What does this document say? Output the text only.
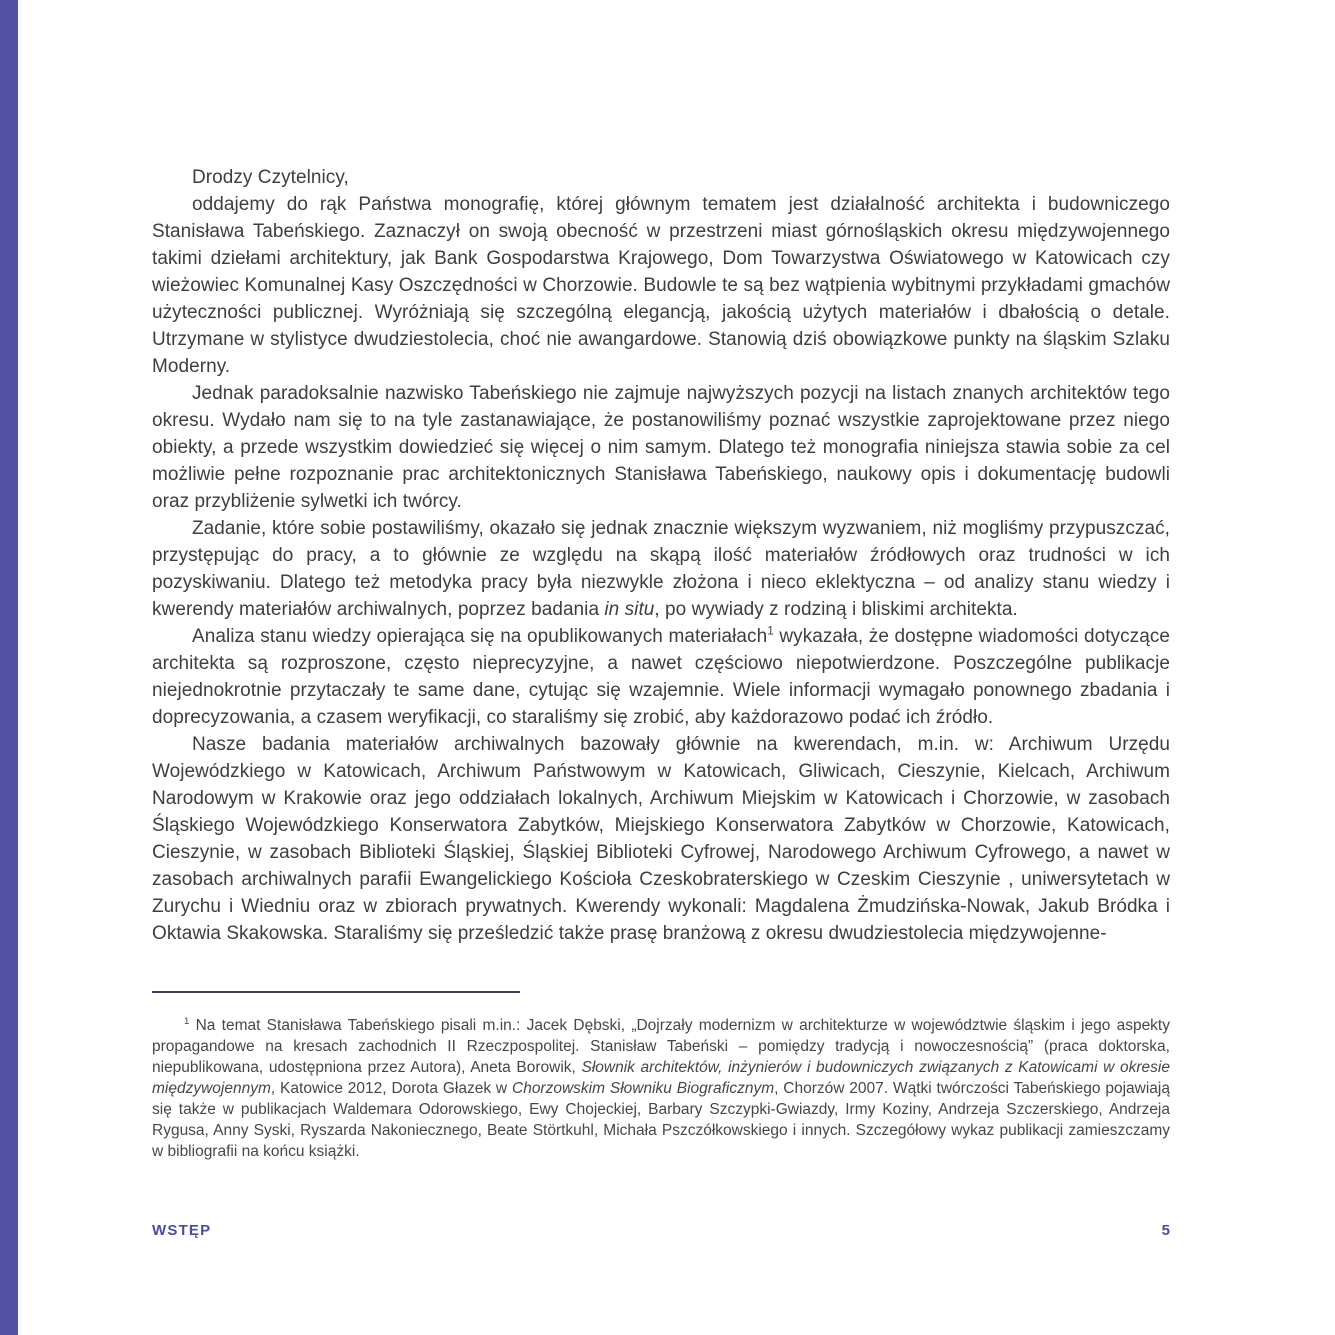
Drodzy Czytelnicy,

oddajemy do rąk Państwa monografię, której głównym tematem jest działalność architekta i budowniczego Stanisława Tabeńskiego. Zaznaczył on swoją obecność w przestrzeni miast górnośląskich okresu międzywojennego takimi dziełami architektury, jak Bank Gospodarstwa Krajowego, Dom Towarzystwa Oświatowego w Katowicach czy wieżowiec Komunalnej Kasy Oszczędności w Chorzowie. Budowle te są bez wątpienia wybitnymi przykładami gmachów użyteczności publicznej. Wyróżniają się szczególną elegancją, jakością użytych materiałów i dbałością o detale. Utrzymane w stylistyce dwudziestolecia, choć nie awangardowe. Stanowią dziś obowiązkowe punkty na śląskim Szlaku Moderny.

Jednak paradoksalnie nazwisko Tabeńskiego nie zajmuje najwyższych pozycji na listach znanych architektów tego okresu. Wydało nam się to na tyle zastanawiające, że postanowiliśmy poznać wszystkie zaprojektowane przez niego obiekty, a przede wszystkim dowiedzieć się więcej o nim samym. Dlatego też monografia niniejsza stawia sobie za cel możliwie pełne rozpoznanie prac architektonicznych Stanisława Tabeńskiego, naukowy opis i dokumentację budowli oraz przybliżenie sylwetki ich twórcy.

Zadanie, które sobie postawiliśmy, okazało się jednak znacznie większym wyzwaniem, niż mogliśmy przypuszczać, przystępując do pracy, a to głównie ze względu na skąpą ilość materiałów źródłowych oraz trudności w ich pozyskiwaniu. Dlatego też metodyka pracy była niezwykle złożona i nieco eklektyczna – od analizy stanu wiedzy i kwerendy materiałów archiwalnych, poprzez badania in situ, po wywiady z rodziną i bliskimi architekta.

Analiza stanu wiedzy opierająca się na opublikowanych materiałach$^1$ wykazała, że dostępne wiadomości dotyczące architekta są rozproszone, często nieprecyzyjne, a nawet częściowo niepotwierdzone. Poszczególne publikacje niejednokrotnie przytaczały te same dane, cytując się wzajemnie. Wiele informacji wymagało ponownego zbadania i doprecyzowania, a czasem weryfikacji, co staraliśmy się zrobić, aby każdorazowo podać ich źródło.

Nasze badania materiałów archiwalnych bazowały głównie na kwerendach, m.in. w: Archiwum Urzędu Wojewódzkiego w Katowicach, Archiwum Państwowym w Katowicach, Gliwicach, Cieszynie, Kielcach, Archiwum Narodowym w Krakowie oraz jego oddziałach lokalnych, Archiwum Miejskim w Katowicach i Chorzowie, w zasobach Śląskiego Wojewódzkiego Konserwatora Zabytków, Miejskiego Konserwatora Zabytków w Chorzowie, Katowicach, Cieszynie, w zasobach Biblioteki Śląskiej, Śląskiej Biblioteki Cyfrowej, Narodowego Archiwum Cyfrowego, a nawet w zasobach archiwalnych parafii Ewangelickiego Kościoła Czeskobraterskiego w Czeskim Cieszynie , uniwersytetach w Zurychu i Wiedniu oraz w zbiorach prywatnych. Kwerendy wykonali: Magdalena Żmudzińska-Nowak, Jakub Bródka i Oktawia Skakowska. Staraliśmy się prześledzić także prasę branżową z okresu dwudziestolecia międzywojenne-

$^1$ Na temat Stanisława Tabeńskiego pisali m.in.: Jacek Dębski, „Dojrzały modernizm w architekturze w województwie śląskim i jego aspekty propagandowe na kresach zachodnich II Rzeczpospolitej. Stanisław Tabeński – pomiędzy tradycją i nowoczesnością” (praca doktorska, niepublikowana, udostępniona przez Autora), Aneta Borowik, Słownik architektów, inżynierów i budowniczych związanych z Katowicami w okresie międzywojennym, Katowice 2012, Dorota Głazek w Chorzowskim Słowniku Biograficznym, Chorzów 2007. Wątki twórczości Tabeńskiego pojawiają się także w publikacjach Waldemara Odorowskiego, Ewy Chojeckiej, Barbary Szczypki-Gwiazdy, Irmy Koziny, Andrzeja Szczerskiego, Andrzeja Rygusa, Anny Syski, Ryszarda Nakoniecznego, Beate Störtkuhl, Michała Pszczółkowskiego i innych. Szczegółowy wykaz publikacji zamieszczamy w bibliografii na końcu książki.

WSTĘP	5
